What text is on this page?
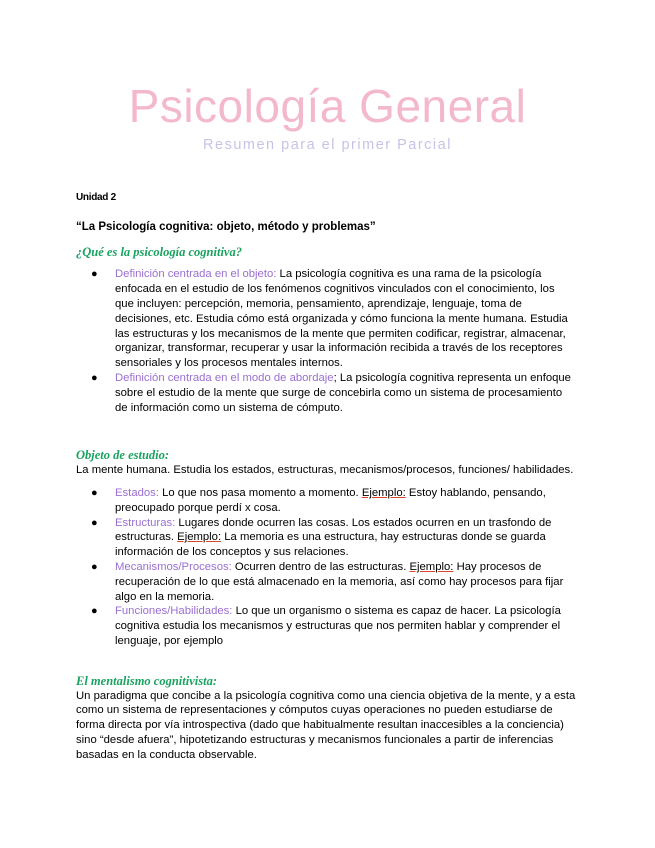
Psicología General
Resumen para el primer Parcial
Unidad 2
“La Psicología cognitiva: objeto, método y problemas”
¿Qué es la psicología cognitiva?
● Definición centrada en el objeto: La psicología cognitiva es una rama de la psicología enfocada en el estudio de los fenómenos cognitivos vinculados con el conocimiento, los que incluyen: percepción, memoria, pensamiento, aprendizaje, lenguaje, toma de decisiones, etc. Estudia cómo está organizada y cómo funciona la mente humana. Estudia las estructuras y los mecanismos de la mente que permiten codificar, registrar, almacenar, organizar, transformar, recuperar y usar la información recibida a través de los receptores sensoriales y los procesos mentales internos.
● Definición centrada en el modo de abordaje; La psicología cognitiva representa un enfoque sobre el estudio de la mente que surge de concebirla como un sistema de procesamiento de información como un sistema de cómputo.
Objeto de estudio:
La mente humana. Estudia los estados, estructuras, mecanismos/procesos, funciones/ habilidades.
● Estados: Lo que nos pasa momento a momento. Ejemplo: Estoy hablando, pensando, preocupado porque perdí x cosa.
● Estructuras: Lugares donde ocurren las cosas. Los estados ocurren en un trasfondo de estructuras. Ejemplo: La memoria es una estructura, hay estructuras donde se guarda información de los conceptos y sus relaciones.
● Mecanismos/Procesos: Ocurren dentro de las estructuras. Ejemplo: Hay procesos de recuperación de lo que está almacenado en la memoria, así como hay procesos para fijar algo en la memoria.
● Funciones/Habilidades: Lo que un organismo o sistema es capaz de hacer. La psicología cognitiva estudia los mecanismos y estructuras que nos permiten hablar y comprender el lenguaje, por ejemplo
El mentalismo cognitivista:
Un paradigma que concibe a la psicología cognitiva como una ciencia objetiva de la mente, y a esta como un sistema de representaciones y cómputos cuyas operaciones no pueden estudiarse de forma directa por vía introspectiva (dado que habitualmente resultan inaccesibles a la conciencia) sino “desde afuera”, hipotetizando estructuras y mecanismos funcionales a partir de inferencias basadas en la conducta observable.
